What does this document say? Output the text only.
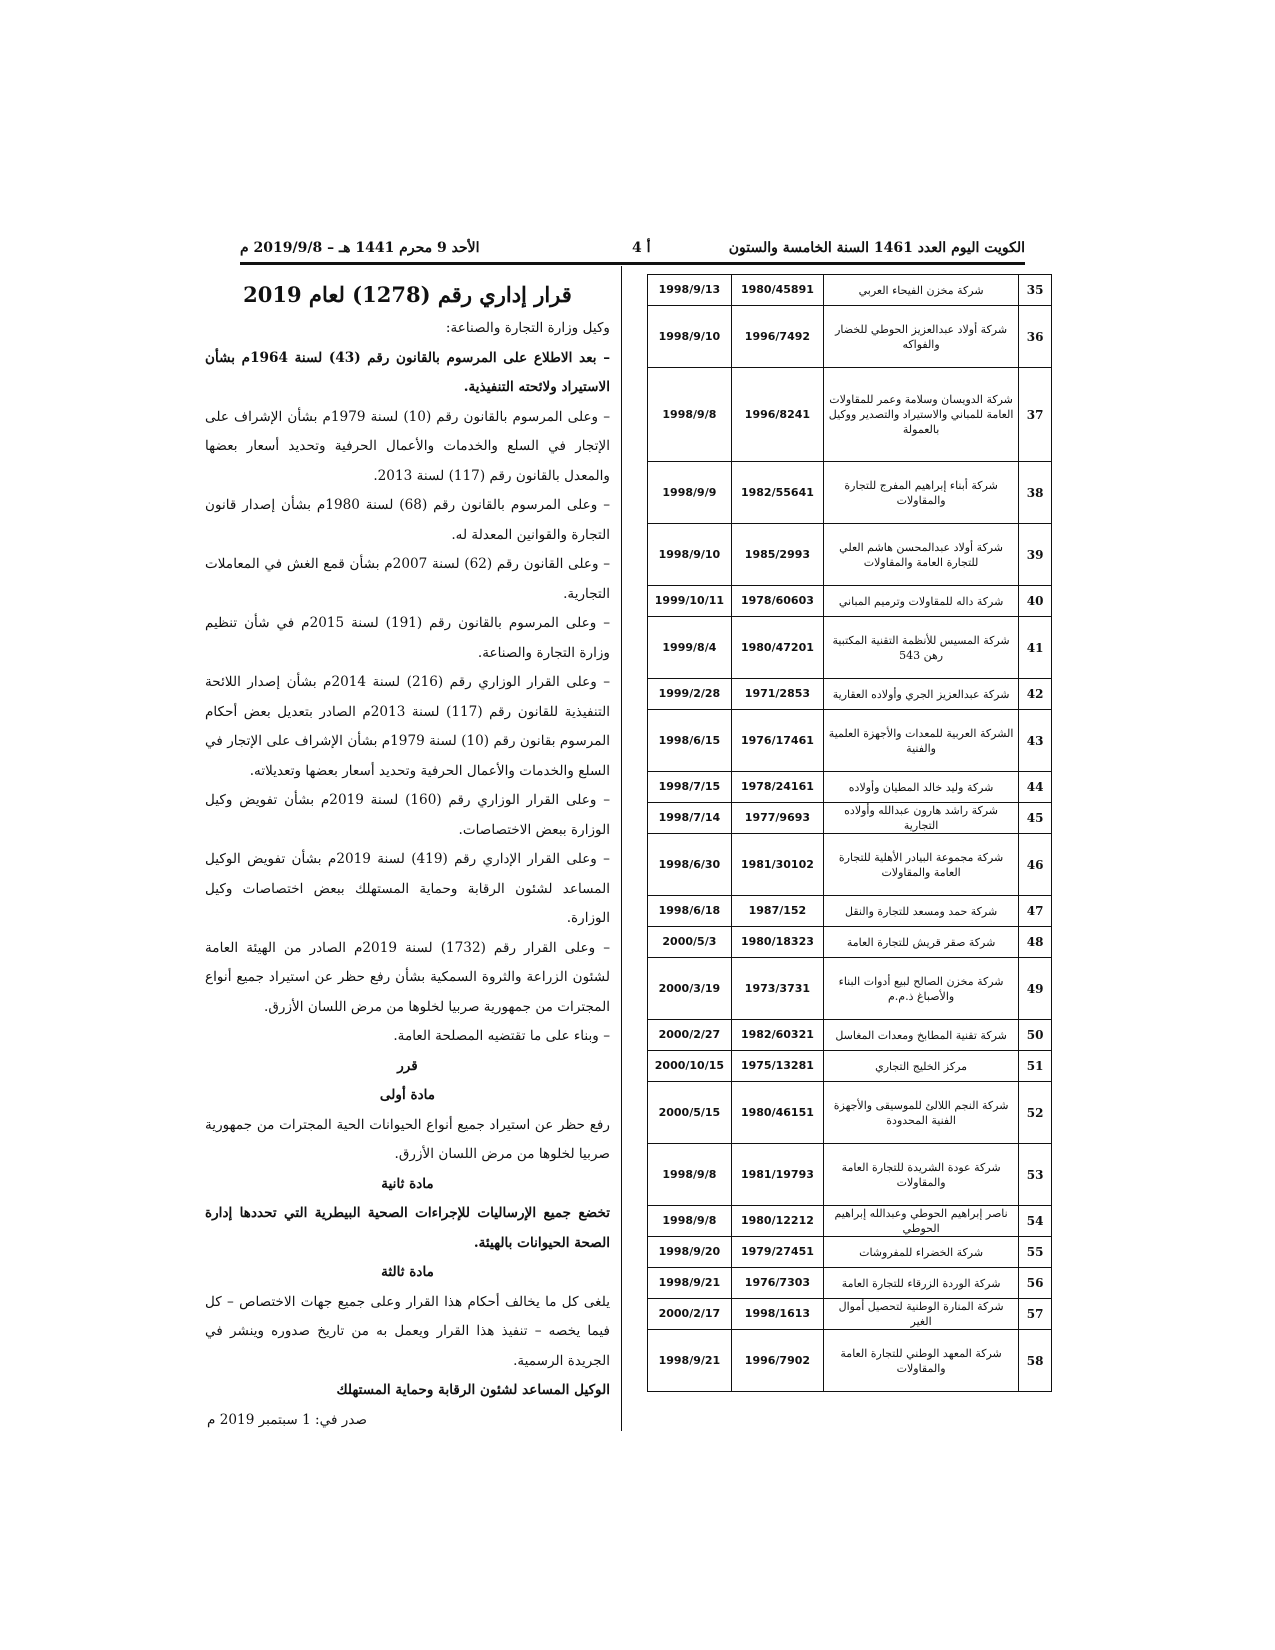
الكويت اليوم العدد 1461 السنة الخامسة والستون
أ 4
الأحد 9 محرم 1441 هـ – 2019/9/8 م
35	شركة مخزن الفيحاء العربي	1980/45891	1998/9/13
36	شركة أولاد عبدالعزيز الحوطي للخضار والفواكه	1996/7492	1998/9/10
37	شركة الدويسان وسلامة وعمر للمقاولات العامة للمباني والاستيراد والتصدير ووكيل بالعمولة	1996/8241	1998/9/8
38	شركة أبناء إبراهيم المفرج للتجارة والمقاولات	1982/55641	1998/9/9
39	شركة أولاد عبدالمحسن هاشم العلي للتجارة العامة والمقاولات	1985/2993	1998/9/10
40	شركة داله للمقاولات وترميم المباني	1978/60603	1999/10/11
41	شركة المسيس للأنظمة التقنية المكتبية رهن 543	1980/47201	1999/8/4
42	شركة عبدالعزيز الجري وأولاده العقارية	1971/2853	1999/2/28
43	الشركة العربية للمعدات والأجهزة العلمية والفنية	1976/17461	1998/6/15
44	شركة وليد خالد المطيان وأولاده	1978/24161	1998/7/15
45	شركة راشد هارون عبدالله وأولاده التجارية	1977/9693	1998/7/14
46	شركة مجموعة البيادر الأهلية للتجارة العامة والمقاولات	1981/30102	1998/6/30
47	شركة حمد ومسعد للتجارة والنقل	1987/152	1998/6/18
48	شركة صقر قريش للتجارة العامة	1980/18323	2000/5/3
49	شركة مخزن الصالح لبيع أدوات البناء والأصباغ ذ.م.م	1973/3731	2000/3/19
50	شركة تقنية المطابخ ومعدات المغاسل	1982/60321	2000/2/27
51	مركز الخليج التجاري	1975/13281	2000/10/15
52	شركة النجم اللالئ للموسيقى والأجهزة الفنية المحدودة	1980/46151	2000/5/15
53	شركة عودة الشريدة للتجارة العامة والمقاولات	1981/19793	1998/9/8
54	ناصر إبراهيم الحوطي وعبدالله إبراهيم الحوطي	1980/12212	1998/9/8
55	شركة الخضراء للمفروشات	1979/27451	1998/9/20
56	شركة الوردة الزرقاء للتجارة العامة	1976/7303	1998/9/21
57	شركة المنارة الوطنية لتحصيل أموال الغير	1998/1613	2000/2/17
58	شركة المعهد الوطني للتجارة العامة والمقاولات	1996/7902	1998/9/21

قرار إداري رقم (1278) لعام 2019

وكيل وزارة التجارة والصناعة:

– بعد الاطلاع على المرسوم بالقانون رقم (43) لسنة 1964م بشأن الاستيراد ولائحته التنفيذية.

– وعلى المرسوم بالقانون رقم (10) لسنة 1979م بشأن الإشراف على الإتجار في السلع والخدمات والأعمال الحرفية وتحديد أسعار بعضها والمعدل بالقانون رقم (117) لسنة 2013.

– وعلى المرسوم بالقانون رقم (68) لسنة 1980م بشأن إصدار قانون التجارة والقوانين المعدلة له.

– وعلى القانون رقم (62) لسنة 2007م بشأن قمع الغش في المعاملات التجارية.

– وعلى المرسوم بالقانون رقم (191) لسنة 2015م في شأن تنظيم وزارة التجارة والصناعة.

– وعلى القرار الوزاري رقم (216) لسنة 2014م بشأن إصدار اللائحة التنفيذية للقانون رقم (117) لسنة 2013م الصادر بتعديل بعض أحكام المرسوم بقانون رقم (10) لسنة 1979م بشأن الإشراف على الإتجار في السلع والخدمات والأعمال الحرفية وتحديد أسعار بعضها وتعديلاته.

– وعلى القرار الوزاري رقم (160) لسنة 2019م بشأن تفويض وكيل الوزارة ببعض الاختصاصات.

– وعلى القرار الإداري رقم (419) لسنة 2019م بشأن تفويض الوكيل المساعد لشئون الرقابة وحماية المستهلك ببعض اختصاصات وكيل الوزارة.

– وعلى القرار رقم (1732) لسنة 2019م الصادر من الهيئة العامة لشئون الزراعة والثروة السمكية بشأن رفع حظر عن استيراد جميع أنواع المجترات من جمهورية صربيا لخلوها من مرض اللسان الأزرق.

– وبناء على ما تقتضيه المصلحة العامة.

قرر

مادة أولى

رفع حظر عن استيراد جميع أنواع الحيوانات الحية المجترات من جمهورية صربيا لخلوها من مرض اللسان الأزرق.

مادة ثانية

تخضع جميع الإرساليات للإجراءات الصحية البيطرية التي تحددها إدارة الصحة الحيوانات بالهيئة.

مادة ثالثة

يلغى كل ما يخالف أحكام هذا القرار وعلى جميع جهات الاختصاص – كل فيما يخصه – تنفيذ هذا القرار ويعمل به من تاريخ صدوره وينشر في الجريدة الرسمية.

الوكيل المساعد لشئون الرقابة وحماية المستهلك

صدر في: 1 سبتمبر 2019 م
